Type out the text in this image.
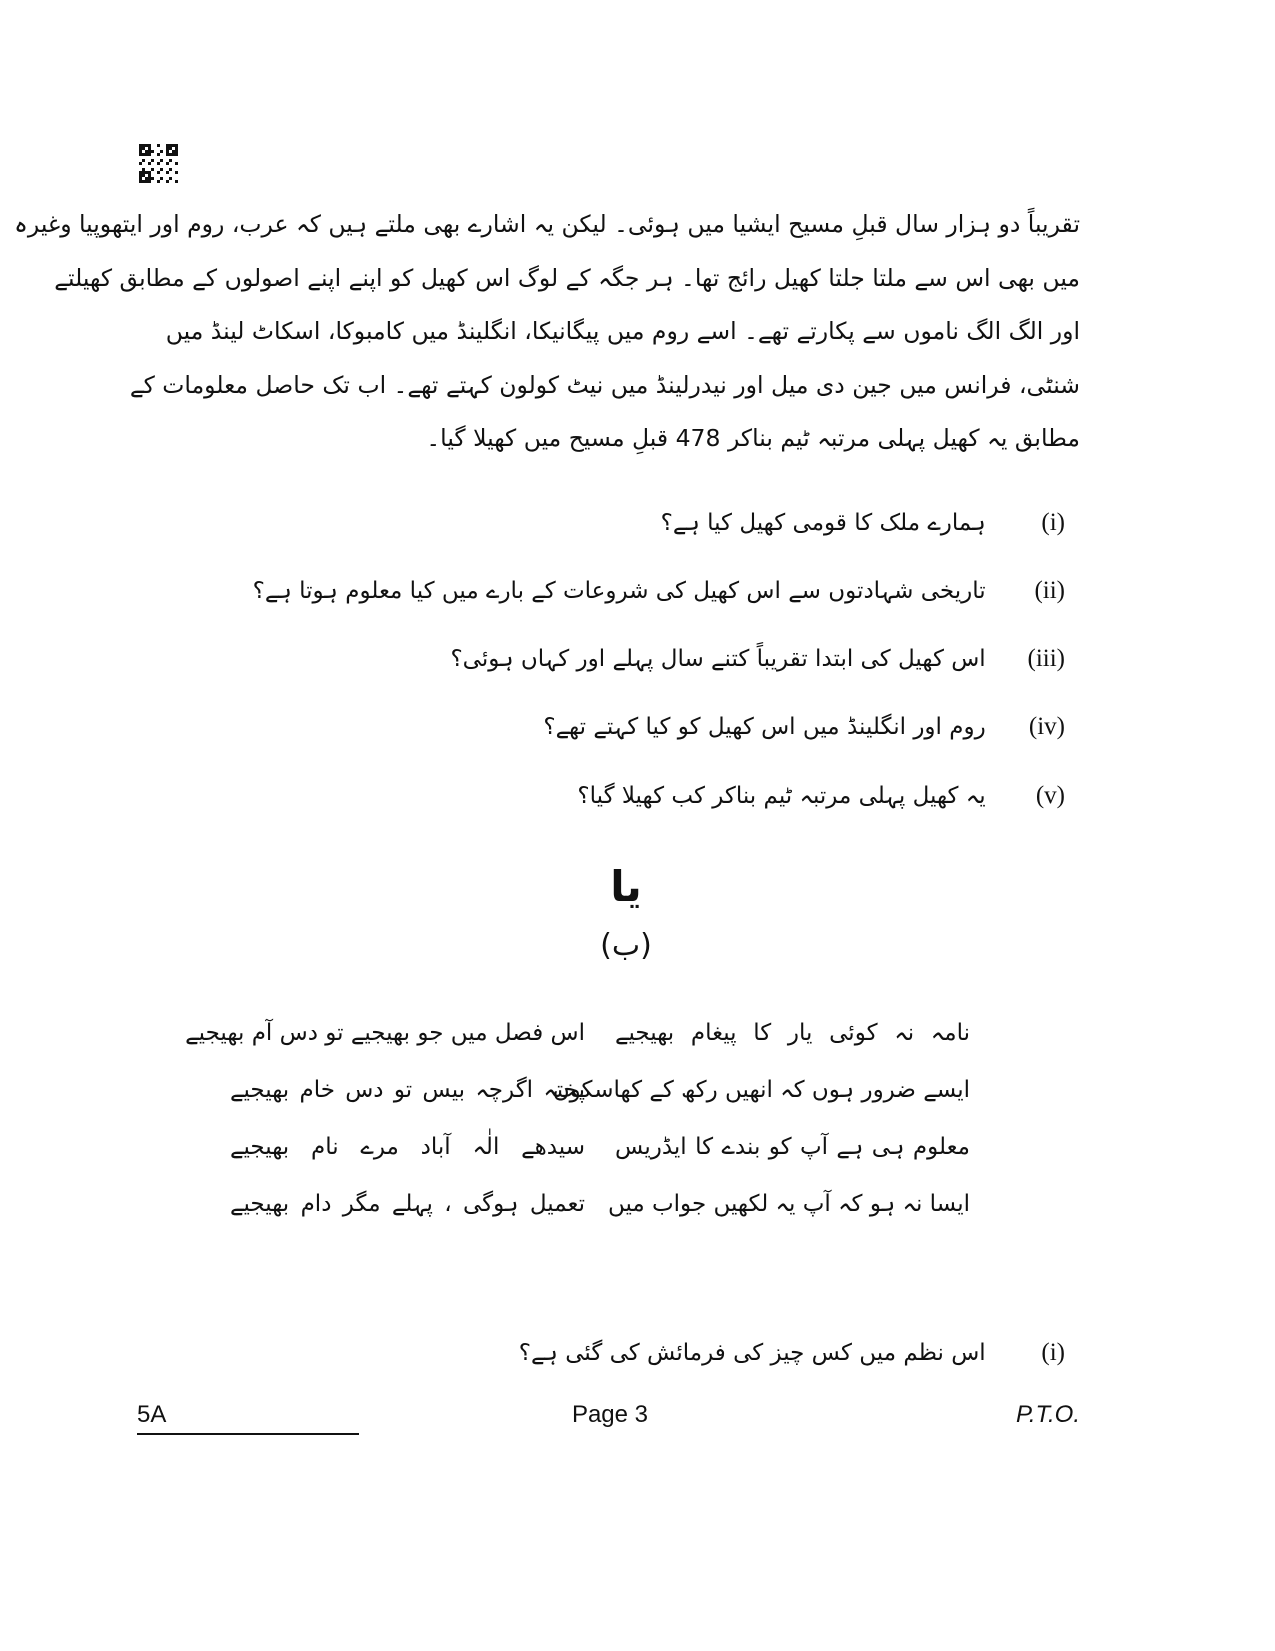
تقریباً دو ہزار سال قبلِ مسیح ایشیا میں ہوئی۔ لیکن یہ اشارے بھی ملتے ہیں کہ عرب، روم اور ایتھوپیا وغیرہ
میں بھی اس سے ملتا جلتا کھیل رائج تھا۔ ہر جگہ کے لوگ اس کھیل کو اپنے اپنے اصولوں کے مطابق کھیلتے
اور الگ الگ ناموں سے پکارتے تھے۔ اسے روم میں پیگانیکا، انگلینڈ میں کامبوکا، اسکاٹ لینڈ میں
شنٹی، فرانس میں جین دی میل اور نیدرلینڈ میں نیٹ کولون کہتے تھے۔ اب تک حاصل معلومات کے
مطابق یہ کھیل پہلی مرتبہ ٹیم بناکر 478 قبلِ مسیح میں کھیلا گیا۔
(i) ہمارے ملک کا قومی کھیل کیا ہے؟
(ii) تاریخی شہادتوں سے اس کھیل کی شروعات کے بارے میں کیا معلوم ہوتا ہے؟
(iii) اس کھیل کی ابتدا تقریباً کتنے سال پہلے اور کہاں ہوئی؟
(iv) روم اور انگلینڈ میں اس کھیل کو کیا کہتے تھے؟
(v) یہ کھیل پہلی مرتبہ ٹیم بناکر کب کھیلا گیا؟
یا
(ب)
نامہ نہ کوئی یار کا پیغام بھیجیے
اس فصل میں جو بھیجیے تو دس آم بھیجیے
ایسے ضرور ہوں کہ انھیں رکھ کے کھاسکوں
پختہ اگرچہ بیس تو دس خام بھیجیے
معلوم ہی ہے آپ کو بندے کا ایڈریس
سیدھے الٰہ آباد مرے نام بھیجیے
ایسا نہ ہو کہ آپ یہ لکھیں جواب میں
تعمیل ہوگی ، پہلے مگر دام بھیجیے
(i) اس نظم میں کس چیز کی فرمائش کی گئی ہے؟
5A	Page 3	P.T.O.
